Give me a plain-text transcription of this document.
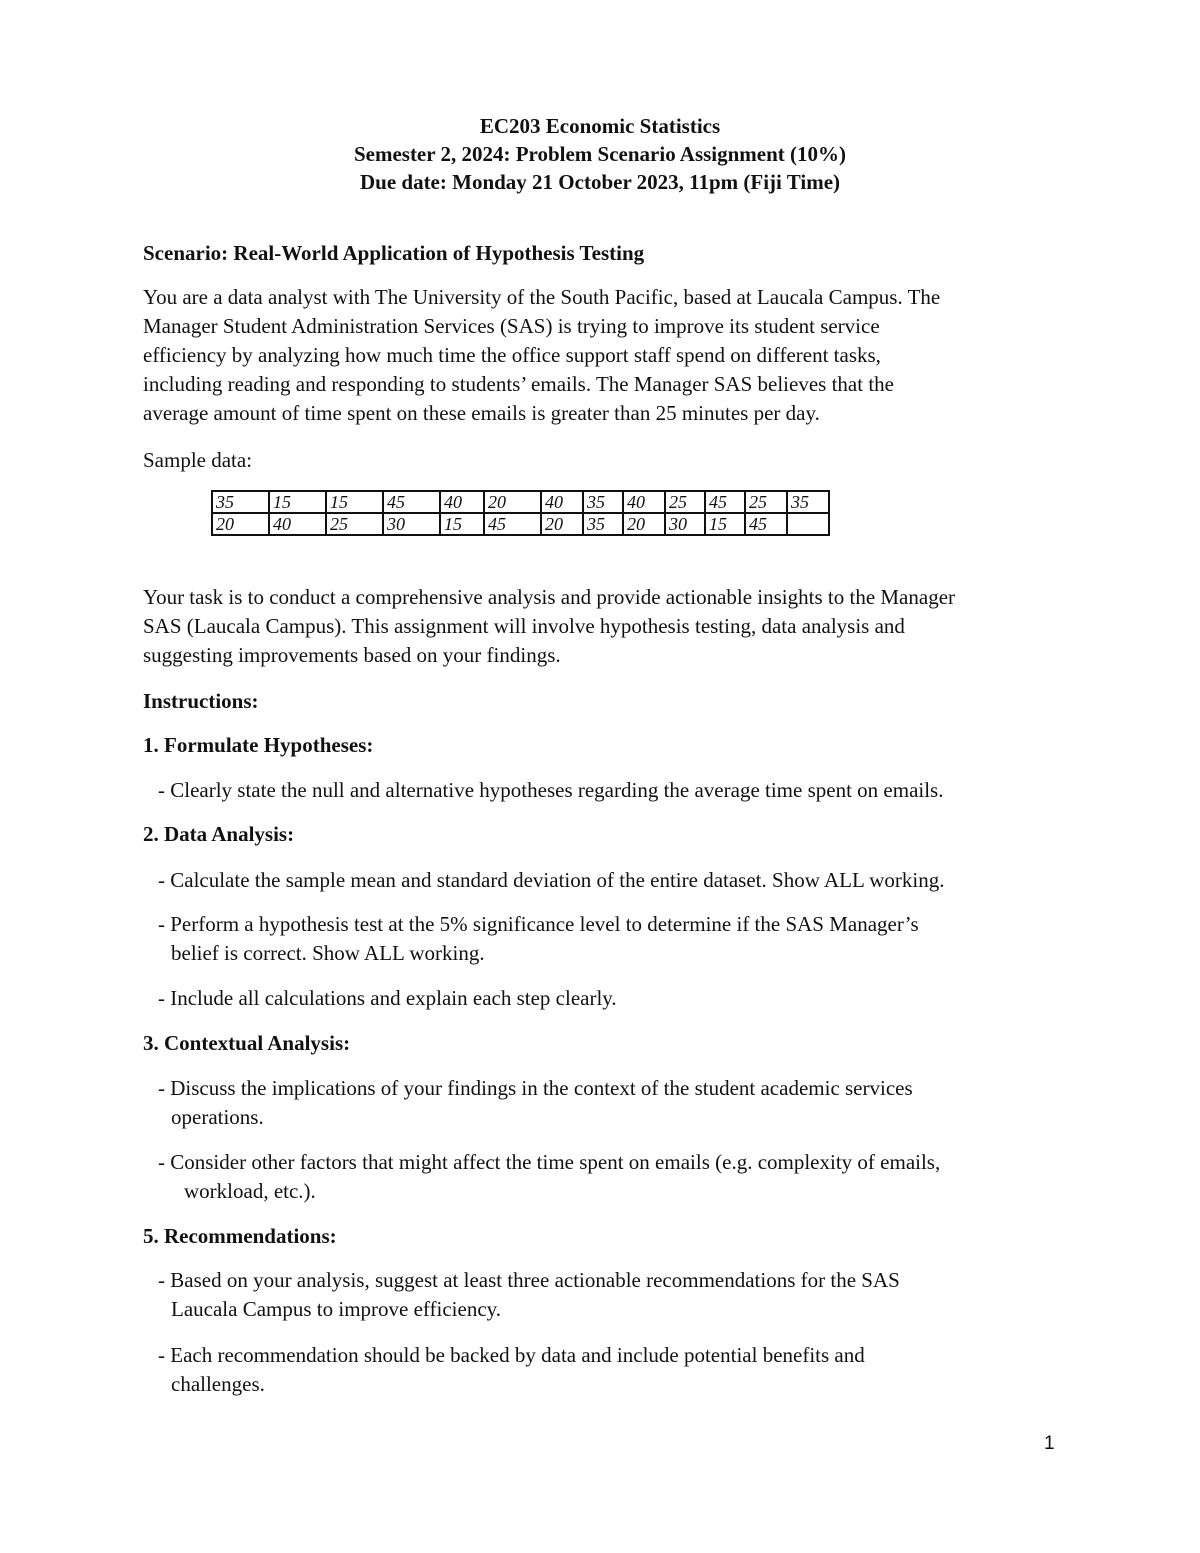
EC203 Economic Statistics
Semester 2, 2024: Problem Scenario Assignment (10%)
Due date: Monday 21 October 2023, 11pm (Fiji Time)
Scenario: Real-World Application of Hypothesis Testing
You are a data analyst with The University of the South Pacific, based at Laucala Campus. The
Manager Student Administration Services (SAS) is trying to improve its student service
efficiency by analyzing how much time the office support staff spend on different tasks,
including reading and responding to students’ emails. The Manager SAS believes that the
average amount of time spent on these emails is greater than 25 minutes per day.
Sample data:
35	15	15	45	40	20	40	35	40	25	45	25	35
20	40	25	30	15	45	20	35	20	30	15	45	
Your task is to conduct a comprehensive analysis and provide actionable insights to the Manager
SAS (Laucala Campus). This assignment will involve hypothesis testing, data analysis and
suggesting improvements based on your findings.
Instructions:
1. Formulate Hypotheses:
- Clearly state the null and alternative hypotheses regarding the average time spent on emails.
2. Data Analysis:
- Calculate the sample mean and standard deviation of the entire dataset. Show ALL working.
- Perform a hypothesis test at the 5% significance level to determine if the SAS Manager’s
belief is correct. Show ALL working.
- Include all calculations and explain each step clearly.
3. Contextual Analysis:
- Discuss the implications of your findings in the context of the student academic services
operations.
- Consider other factors that might affect the time spent on emails (e.g. complexity of emails,
workload, etc.).
5. Recommendations:
- Based on your analysis, suggest at least three actionable recommendations for the SAS
Laucala Campus to improve efficiency.
- Each recommendation should be backed by data and include potential benefits and
challenges.
1
